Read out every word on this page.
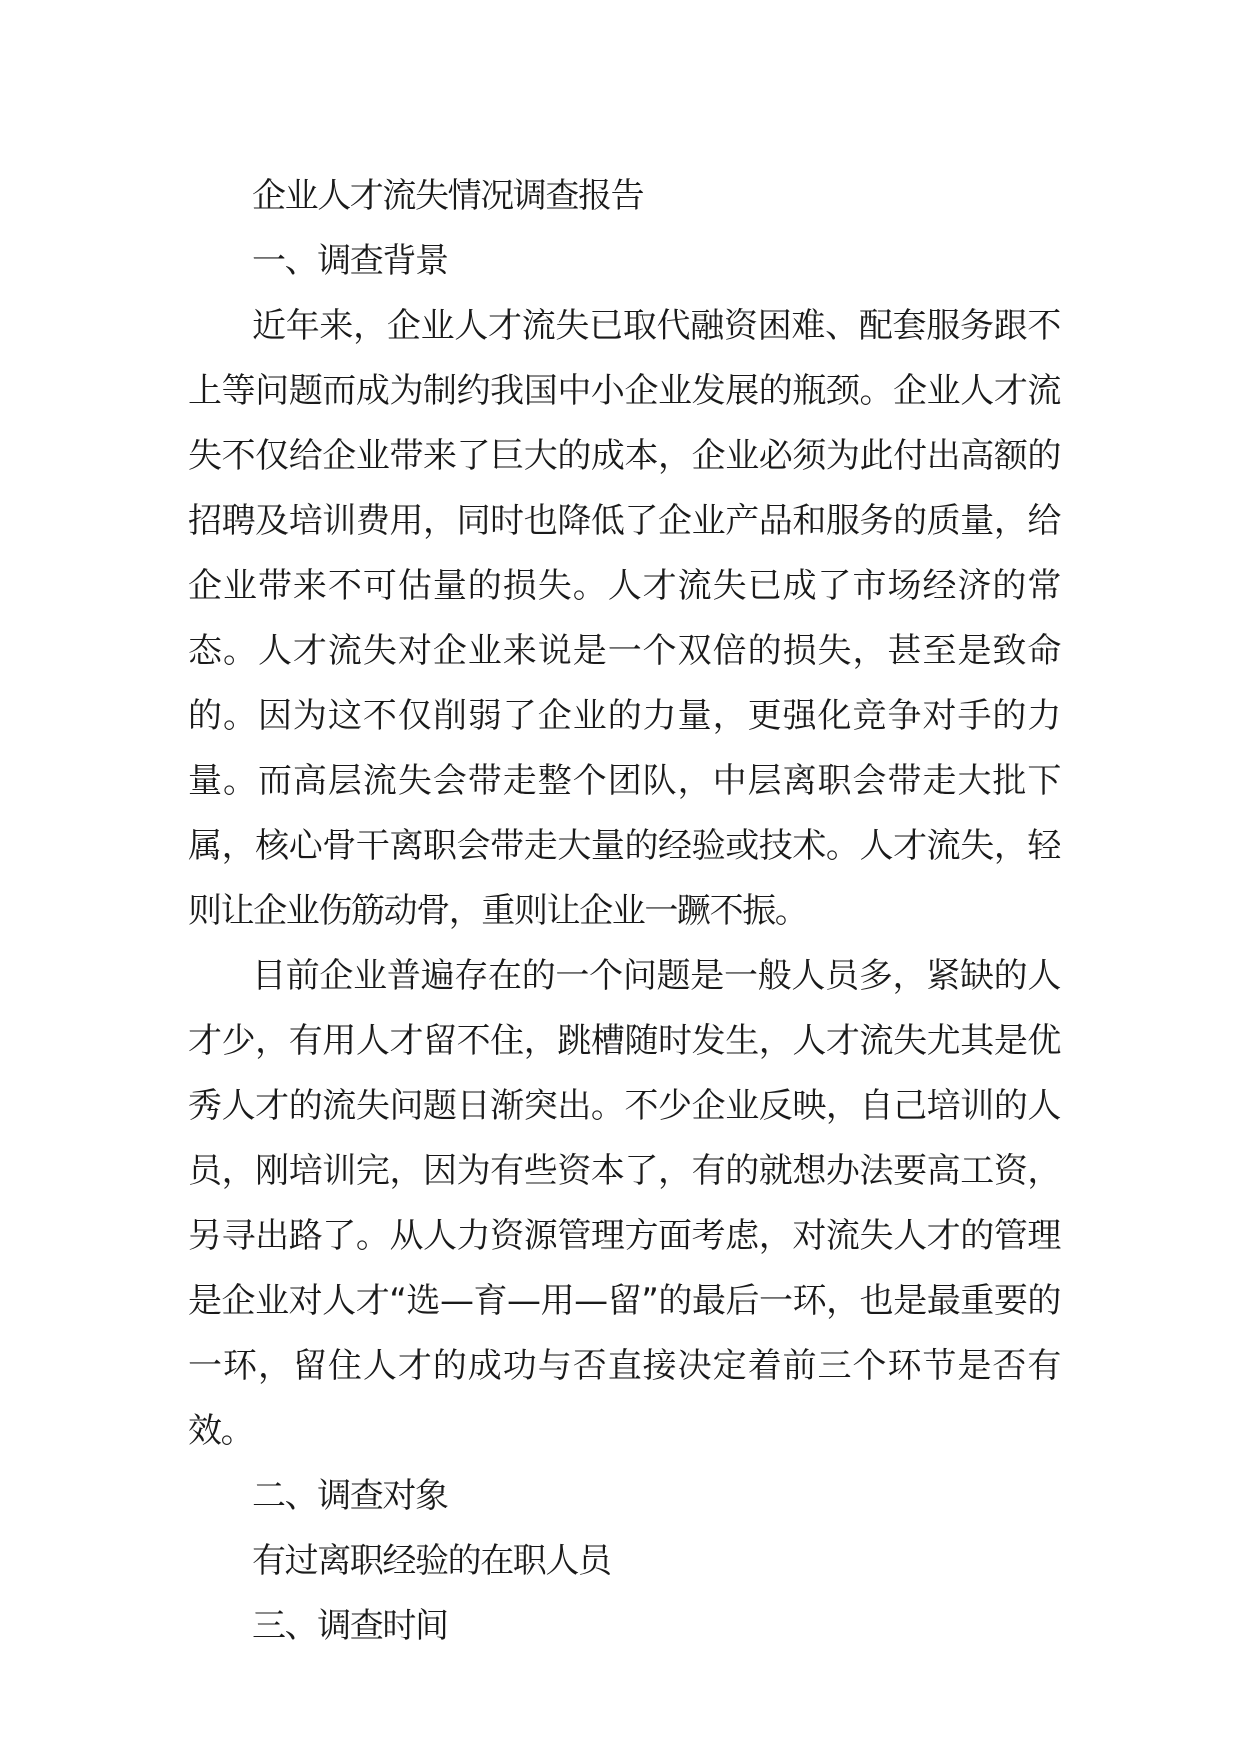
企业人才流失情况调查报告

一、调查背景

近年来，企业人才流失已取代融资困难、配套服务跟不上等问题而成为制约我国中小企业发展的瓶颈。企业人才流失不仅给企业带来了巨大的成本，企业必须为此付出高额的招聘及培训费用，同时也降低了企业产品和服务的质量，给企业带来不可估量的损失。人才流失已成了市场经济的常态。人才流失对企业来说是一个双倍的损失，甚至是致命的。因为这不仅削弱了企业的力量，更强化竞争对手的力量。而高层流失会带走整个团队，中层离职会带走大批下属，核心骨干离职会带走大量的经验或技术。人才流失，轻则让企业伤筋动骨，重则让企业一蹶不振。

目前企业普遍存在的一个问题是一般人员多，紧缺的人才少，有用人才留不住，跳槽随时发生，人才流失尤其是优秀人才的流失问题日渐突出。不少企业反映，自己培训的人员，刚培训完，因为有些资本了，有的就想办法要高工资，另寻出路了。从人力资源管理方面考虑，对流失人才的管理是企业对人才“选—育—用—留”的最后一环，也是最重要的一环，留住人才的成功与否直接决定着前三个环节是否有效。

二、调查对象

有过离职经验的在职人员

三、调查时间
